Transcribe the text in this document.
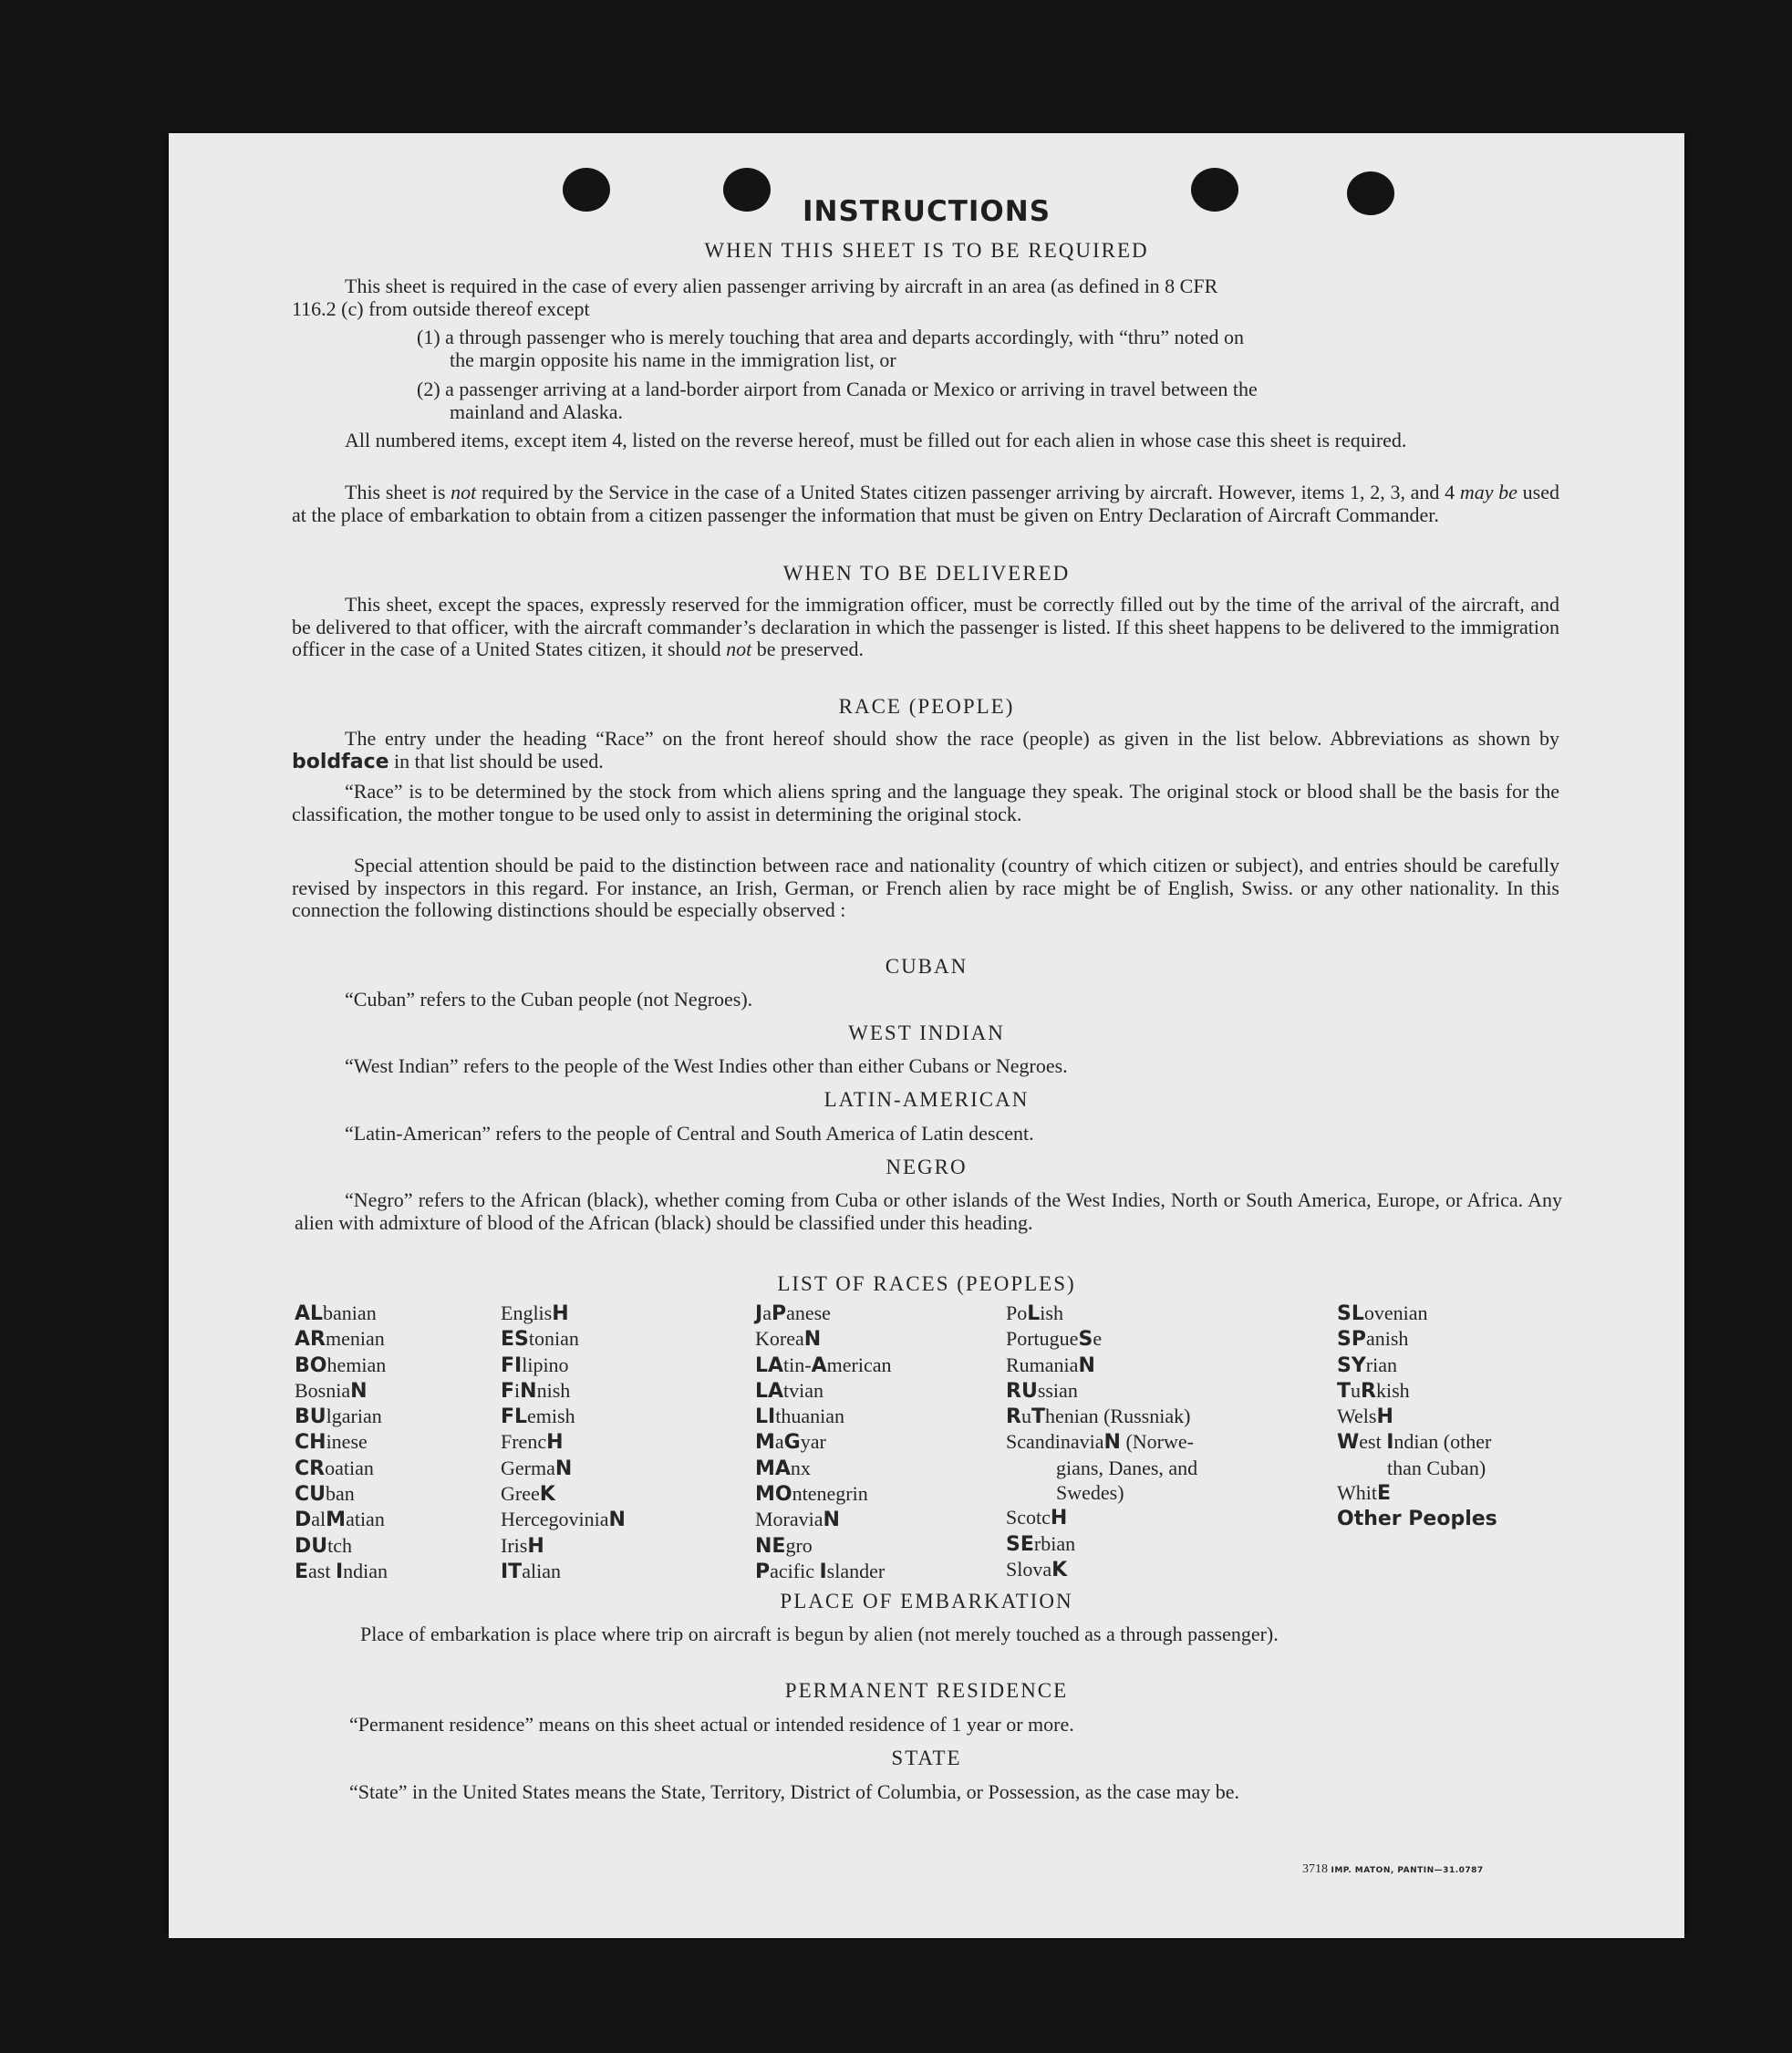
INSTRUCTIONS
WHEN THIS SHEET IS TO BE REQUIRED
This sheet is required in the case of every alien passenger arriving by aircraft in an area (as defined in 8 CFR
116.2 (c) from outside thereof except
(1) a through passenger who is merely touching that area and departs accordingly, with “thru” noted on
the margin opposite his name in the immigration list, or
(2) a passenger arriving at a land-border airport from Canada or Mexico or arriving in travel between the
mainland and Alaska.
All numbered items, except item 4, listed on the reverse hereof, must be filled out for each alien in whose case this sheet is required.
This sheet is not required by the Service in the case of a United States citizen passenger arriving by aircraft. However, items 1, 2, 3, and 4 may be used at the place of embarkation to obtain from a citizen passenger the information that must be given on Entry Declaration of Aircraft Commander.
WHEN TO BE DELIVERED
This sheet, except the spaces, expressly reserved for the immigration officer, must be correctly filled out by the time of the arrival of the aircraft, and be delivered to that officer, with the aircraft commander’s declaration in which the passenger is listed. If this sheet happens to be delivered to the immigration officer in the case of a United States citizen, it should not be preserved.
RACE (PEOPLE)
The entry under the heading “Race” on the front hereof should show the race (people) as given in the list below. Abbreviations as shown by boldface in that list should be used.
“Race” is to be determined by the stock from which aliens spring and the language they speak. The original stock or blood shall be the basis for the classification, the mother tongue to be used only to assist in determining the original stock.
Special attention should be paid to the distinction between race and nationality (country of which citizen or subject), and entries should be carefully revised by inspectors in this regard. For instance, an Irish, German, or French alien by race might be of English, Swiss. or any other nationality. In this connection the following distinctions should be especially observed :
CUBAN
“Cuban” refers to the Cuban people (not Negroes).
WEST INDIAN
“West Indian” refers to the people of the West Indies other than either Cubans or Negroes.
LATIN-AMERICAN
“Latin-American” refers to the people of Central and South America of Latin descent.
NEGRO
“Negro” refers to the African (black), whether coming from Cuba or other islands of the West Indies, North or South America, Europe, or Africa. Any alien with admixture of blood of the African (black) should be classified under this heading.
LIST OF RACES (PEOPLES)
ALbanian
ARmenian
BOhemian
BosniaN
BUlgarian
CHinese
CRoatian
CUban
DalMatian
DUtch
East Indian
EnglisH
EStonian
FIlipino
FiNnish
FLemish
FrencH
GermaN
GreeK
HercegoviniaN
IrisH
ITalian
JaPanese
KoreaN
LAtin-American
LAtvian
LIthuanian
MaGyar
MAnx
MOntenegrin
MoraviaN
NEgro
Pacific Islander
PoLish
PortugueSe
RumaniaN
RUssian
RuThenian (Russniak)
ScandinaviaN (Norwe-
gians, Danes, and
Swedes)
ScotcH
SErbian
SlovaK
SLovenian
SPanish
SYrian
TuRkish
WelsH
West Indian (other
than Cuban)
WhitE
Other Peoples
PLACE OF EMBARKATION
Place of embarkation is place where trip on aircraft is begun by alien (not merely touched as a through passenger).
PERMANENT RESIDENCE
“Permanent residence” means on this sheet actual or intended residence of 1 year or more.
STATE
“State” in the United States means the State, Territory, District of Columbia, or Possession, as the case may be.
3718 IMP. MATON, PANTIN—31.0787
